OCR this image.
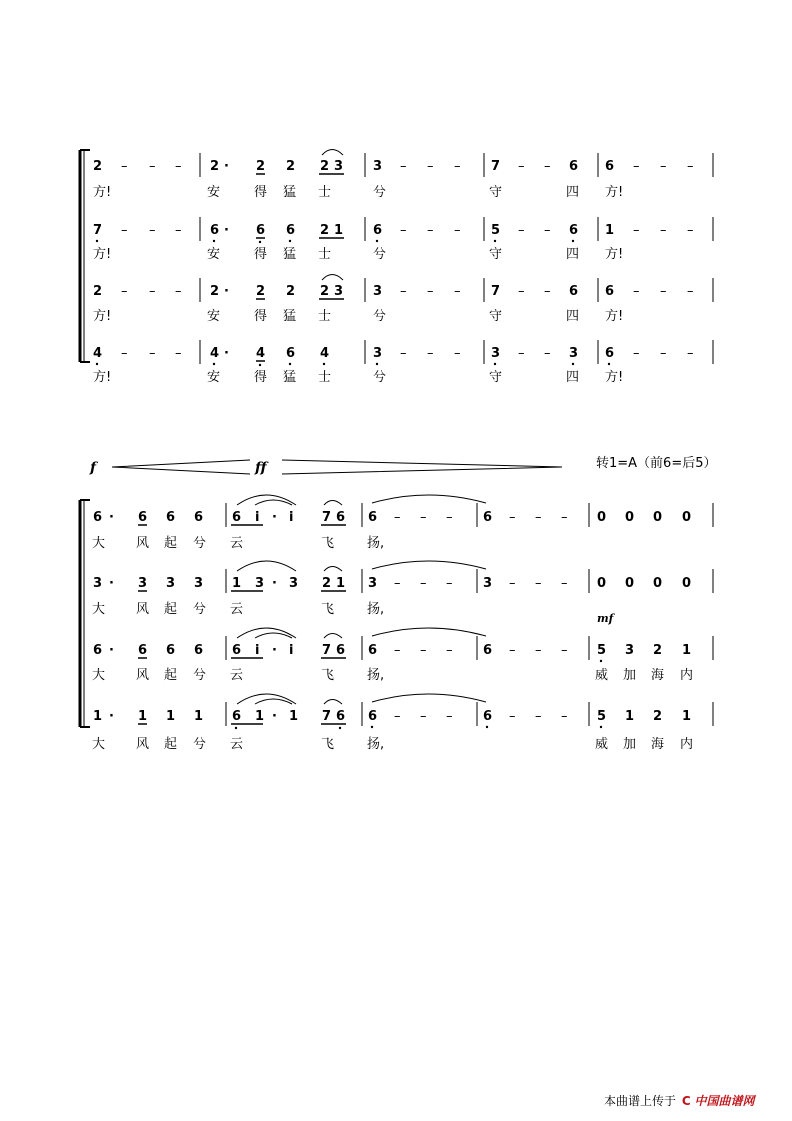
2 – – – 2 · 2 2 2 3 3 – – – 7 – – 6 6 – – –
方!	安	得 猛 士	兮	守	四 方!
7 – – – 6 · 6 6 2 1 6 – – – 5 – – 6 1 – – –
方!	安	得 猛 士	兮	守	四 方!
2 – – – 2 · 2 2 2 3 3 – – – 7 – – 6 6 – – –
方!	安	得 猛 士	兮	守	四 方!
4 – – – 4 · 4 6 4	3 – – – 3 – – 3 6 – – –
方!	安	得 猛 士	兮	守	四 方!
f	ff	转1=A（前6=后5）
6 · 6 6 6 6 i · i 7 6 6 – – – 6 – – – 0 0 0 0
大 风 起 兮 云	飞	扬,
3 · 3 3 3 1 3 · 3 2 1 3 – – – 3 – – – 0 0 0 0
大 风 起 兮 云	飞	扬,
mf
6 · 6 6 6 6 i · i 7 6 6 – – – 6 – – – 5 3 2 1
大 风 起 兮 云	飞	扬,	威 加 海 内
1 · 1 1 1 6 1 · 1 7 6 6 – – – 6 – – – 5 1 2 1
大 风 起 兮 云	飞	扬,	威 加 海 内
本曲谱上传于 C 中国曲谱网
